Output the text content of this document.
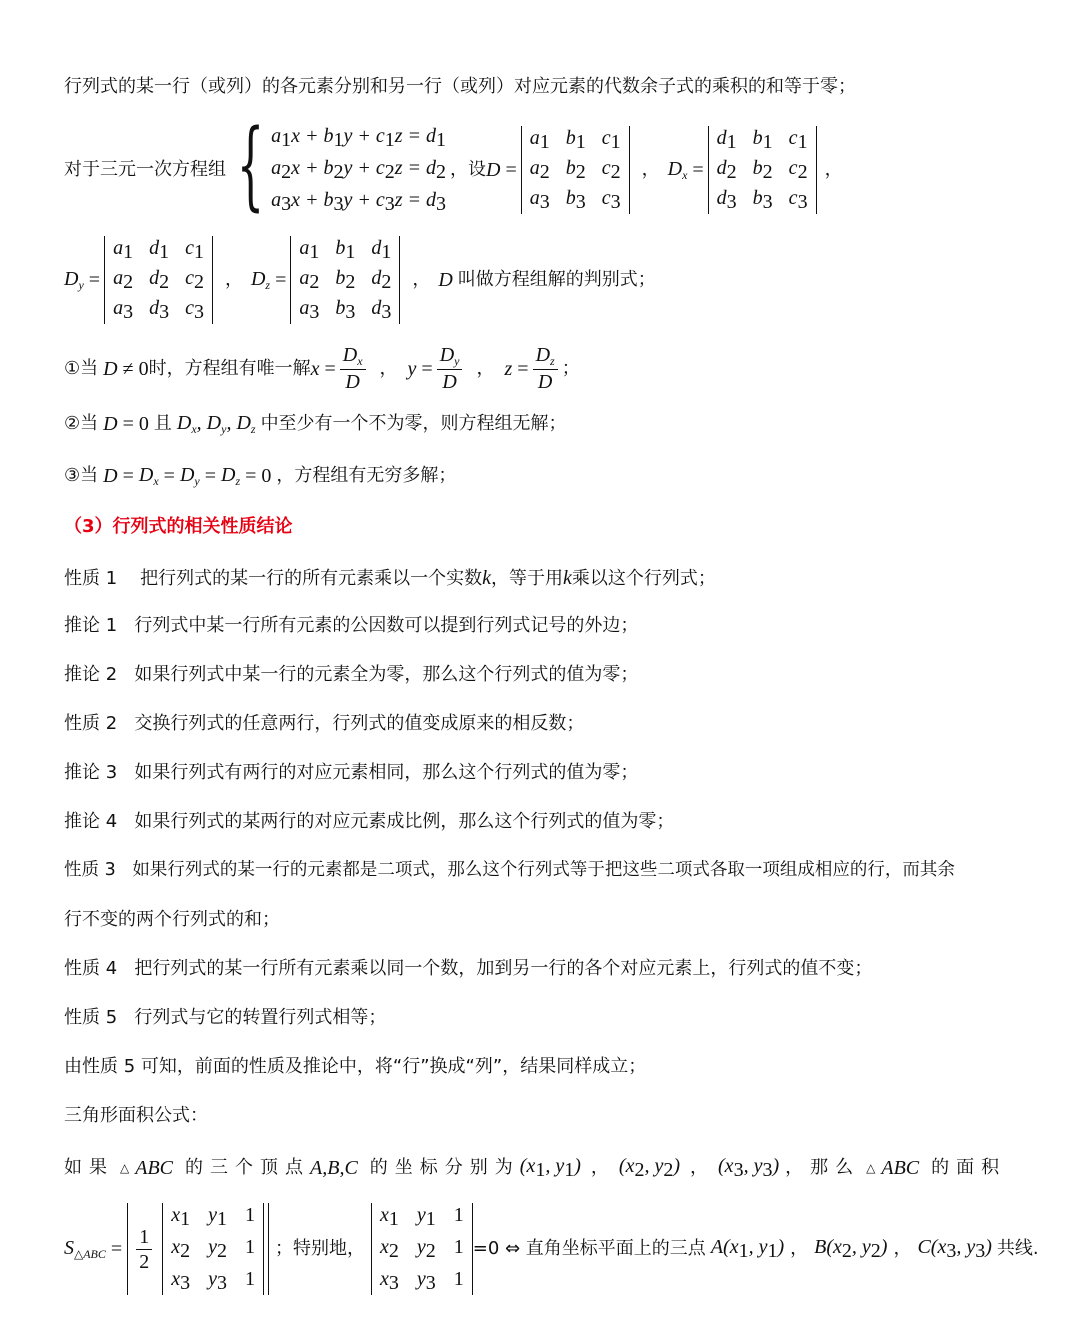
行列式的某一行（或列）的各元素分别和另一行（或列）对应元素的代数余子式的乘积的和等于零；
对于三元一次方程组 { $a_1x + b_1y + c_1z = d_1$
$a_2x + b_2y + c_2z = d_2$
$a_3x + b_3y + c_3z = d_3$
，设 D =
$a_1$ $b_1$ $c_1$
$a_2$ $b_2$ $c_2$
$a_3$ $b_3$ $c_3$
， $D_x$ =
$d_1$ $b_1$ $c_1$
$d_2$ $b_2$ $c_2$
$d_3$ $b_3$ $c_3$
，
$D_y$ =
$a_1$ $d_1$ $c_1$
$a_2$ $d_2$ $c_2$
$a_3$ $d_3$ $c_3$
， $D_z$ =
$a_1$ $b_1$ $d_1$
$a_2$ $b_2$ $d_2$
$a_3$ $b_3$ $d_3$
， D 叫做方程组解的判别式；
①当 D ≠ 0 时，方程组有唯一解 $x = \frac{D_x}{D}$ ， $y = \frac{D_y}{D}$ ， $z = \frac{D_z}{D}$ ；
②当 D = 0 且 $D_x$, $D_y$, $D_z$ 中至少有一个不为零，则方程组无解；
③当 $D = D_x = D_y = D_z = 0$ ，方程组有无穷多解；
（3）行列式的相关性质结论
性质 1 把行列式的某一行的所有元素乘以一个实数k，等于用k乘以这个行列式；
推论 1 行列式中某一行所有元素的公因数可以提到行列式记号的外边；
推论 2 如果行列式中某一行的元素全为零，那么这个行列式的值为零；
性质 2 交换行列式的任意两行，行列式的值变成原来的相反数；
推论 3 如果行列式有两行的对应元素相同，那么这个行列式的值为零；
推论 4 如果行列式的某两行的对应元素成比例，那么这个行列式的值为零；
性质 3 如果行列式的某一行的元素都是二项式，那么这个行列式等于把这些二项式各取一项组成相应的行，而其余
行不变的两个行列式的和；
性质 4 把行列式的某一行所有元素乘以同一个数，加到另一行的各个对应元素上，行列式的值不变；
性质 5 行列式与它的转置行列式相等；
由性质 5 可知，前面的性质及推论中，将“行”换成“列”，结果同样成立；
三角形面积公式：
如果 △ ABC 的三个顶点 A,B,C 的坐标分别为 ($x_1$, $y_1$) ， ($x_2$, $y_2$) ， ($x_3$, $y_3$) ，那么 △ ABC 的面积
$S_{\triangle ABC} = \frac{1}{2}$
$x_1$ $y_1$ 1
$x_2$ $y_2$ 1
$x_3$ $y_3$ 1
；特别地，
$x_1$ $y_1$ 1
$x_2$ $y_2$ 1
$x_3$ $y_3$ 1
=0 ⇔ 直角坐标平面上的三点 $A(x_1$, $y_1$) ， $B(x_2$, $y_2$) ， $C(x_3$, $y_3$) 共线.
